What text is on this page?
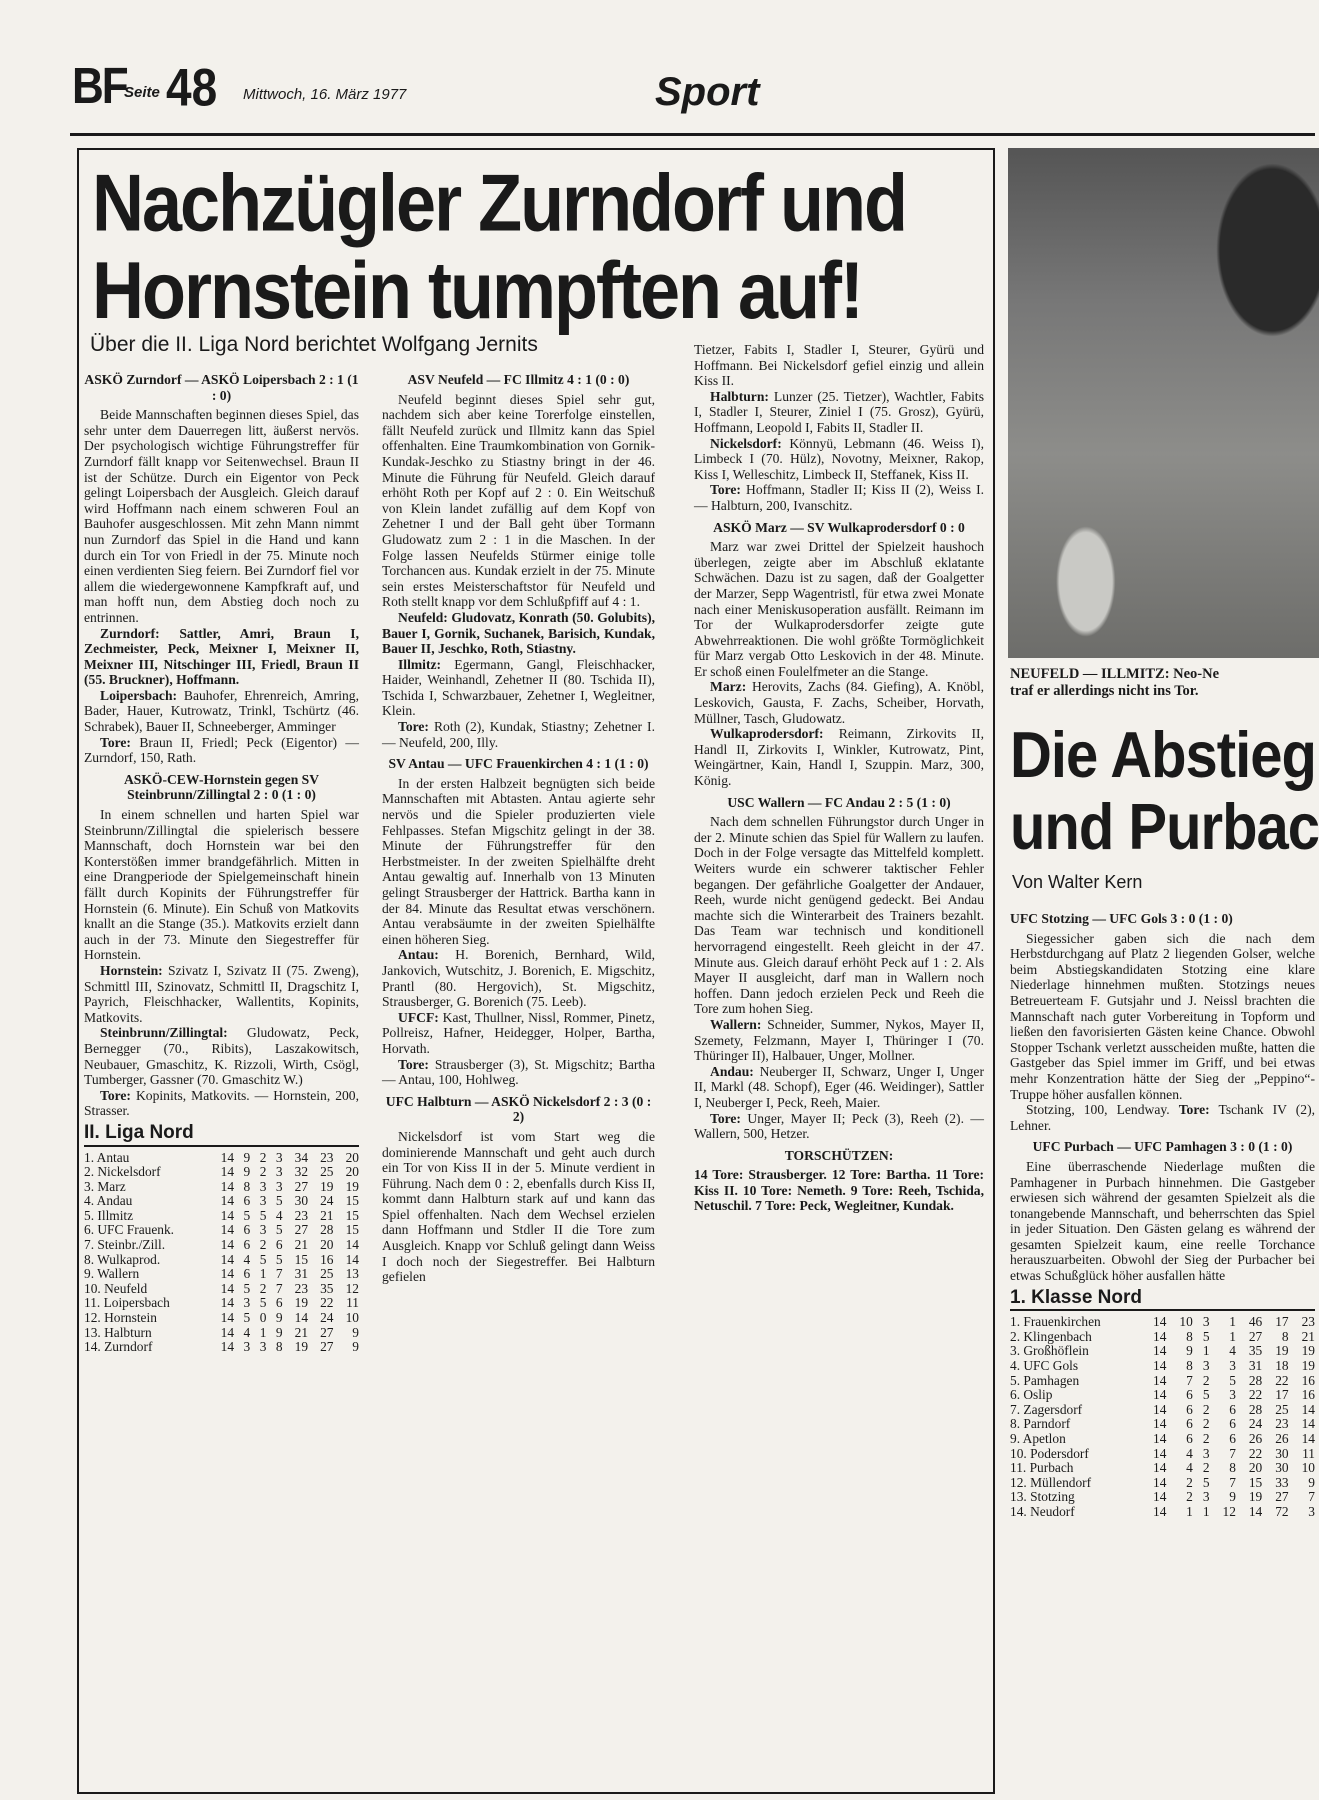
BF
Seite 48 Mittwoch, 16. März 1977	Sport
Nachzügler Zurndorf und
Hornstein tumpften auf!
Über die II. Liga Nord berichtet Wolfgang Jernits
ASKÖ Zurndorf — ASKÖ Loipersbach 2 : 1 (1 : 0)

Beide Mannschaften beginnen dieses Spiel, das sehr unter dem Dauerregen litt, äußerst nervös. Der psychologisch wichtige Führungstreffer für Zurndorf fällt knapp vor Seitenwechsel. Braun II ist der Schütze. Durch ein Eigentor von Peck gelingt Loipersbach der Ausgleich. Gleich darauf wird Hoffmann nach einem schweren Foul an Bauhofer ausgeschlossen. Mit zehn Mann nimmt nun Zurndorf das Spiel in die Hand und kann durch ein Tor von Friedl in der 75. Minute noch einen verdienten Sieg feiern. Bei Zurndorf fiel vor allem die wiedergewonnene Kampfkraft auf, und man hofft nun, dem Abstieg doch noch zu entrinnen.

Zurndorf: Sattler, Amri, Braun I, Zechmeister, Peck, Meixner I, Meixner II, Meixner III, Nitschinger III, Friedl, Braun II (55. Bruckner), Hoffmann.

Loipersbach: Bauhofer, Ehrenreich, Amring, Bader, Hauer, Kutrowatz, Trinkl, Tschürtz (46. Schrabek), Bauer II, Schneeberger, Amminger

Tore: Braun II, Friedl; Peck (Eigentor) — Zurndorf, 150, Rath.

ASKÖ-CEW-Hornstein gegen SV Steinbrunn/Zillingtal 2 : 0 (1 : 0)

In einem schnellen und harten Spiel war Steinbrunn/Zillingtal die spielerisch bessere Mannschaft, doch Hornstein war bei den Konterstößen immer brandgefährlich. Mitten in eine Drangperiode der Spielgemeinschaft hinein fällt durch Kopinits der Führungstreffer für Hornstein (6. Minute). Ein Schuß von Matkovits knallt an die Stange (35.). Matkovits erzielt dann auch in der 73. Minute den Siegestreffer für Hornstein.

Hornstein: Szivatz I, Szivatz II (75. Zweng), Schmittl III, Szinovatz, Schmittl II, Dragschitz I, Payrich, Fleischhacker, Wallentits, Kopinits, Matkovits.

Steinbrunn/Zillingtal: Gludowatz, Peck, Bernegger (70., Ribits), Laszakowitsch, Neubauer, Gmaschitz, K. Rizzoli, Wirth, Csögl, Tumberger, Gassner (70. Gmaschitz W.)

Tore: Kopinits, Matkovits. — Hornstein, 200, Strasser.

II. Liga Nord
1. Antau	14	9	2	3	34	23	20
2. Nickelsdorf	14	9	2	3	32	25	20
3. Marz	14	8	3	3	27	19	19
4. Andau	14	6	3	5	30	24	15
5. Illmitz	14	5	5	4	23	21	15
6. UFC Frauenk.	14	6	3	5	27	28	15
7. Steinbr./Zill.	14	6	2	6	21	20	14
8. Wulkaprod.	14	4	5	5	15	16	14
9. Wallern	14	6	1	7	31	25	13
10. Neufeld	14	5	2	7	23	35	12
11. Loipersbach	14	3	5	6	19	22	11
12. Hornstein	14	5	0	9	14	24	10
13. Halbturn	14	4	1	9	21	27	9
14. Zurndorf	14	3	3	8	19	27	9
ASV Neufeld — FC Illmitz 4 : 1 (0 : 0)

Neufeld beginnt dieses Spiel sehr gut, nachdem sich aber keine Torerfolge einstellen, fällt Neufeld zurück und Illmitz kann das Spiel offenhalten. Eine Traumkombination von Gornik-Kundak-Jeschko zu Stiastny bringt in der 46. Minute die Führung für Neufeld. Gleich darauf erhöht Roth per Kopf auf 2 : 0. Ein Weitschuß von Klein landet zufällig auf dem Kopf von Zehetner I und der Ball geht über Tormann Gludowatz zum 2 : 1 in die Maschen. In der Folge lassen Neufelds Stürmer einige tolle Torchancen aus. Kundak erzielt in der 75. Minute sein erstes Meisterschaftstor für Neufeld und Roth stellt knapp vor dem Schlußpfiff auf 4 : 1.

Neufeld: Gludovatz, Konrath (50. Golubits), Bauer I, Gornik, Suchanek, Barisich, Kundak, Bauer II, Jeschko, Roth, Stiastny.

Illmitz: Egermann, Gangl, Fleischhacker, Haider, Weinhandl, Zehetner II (80. Tschida II), Tschida I, Schwarzbauer, Zehetner I, Wegleitner, Klein.

Tore: Roth (2), Kundak, Stiastny; Zehetner I. — Neufeld, 200, Illy.

SV Antau — UFC Frauenkirchen 4 : 1 (1 : 0)

In der ersten Halbzeit begnügten sich beide Mannschaften mit Abtasten. Antau agierte sehr nervös und die Spieler produzierten viele Fehlpasses. Stefan Migschitz gelingt in der 38. Minute der Führungstreffer für den Herbstmeister. In der zweiten Spielhälfte dreht Antau gewaltig auf. Innerhalb von 13 Minuten gelingt Strausberger der Hattrick. Bartha kann in der 84. Minute das Resultat etwas verschönern. Antau verabsäumte in der zweiten Spielhälfte einen höheren Sieg.

Antau: H. Borenich, Bernhard, Wild, Jankovich, Wutschitz, J. Borenich, E. Migschitz, Prantl (80. Hergovich), St. Migschitz, Strausberger, G. Borenich (75. Leeb).

UFCF: Kast, Thullner, Nissl, Rommer, Pinetz, Pollreisz, Hafner, Heidegger, Holper, Bartha, Horvath.

Tore: Strausberger (3), St. Migschitz; Bartha — Antau, 100, Hohlweg.

UFC Halbturn — ASKÖ Nickelsdorf 2 : 3 (0 : 2)

Nickelsdorf ist vom Start weg die dominierende Mannschaft und geht auch durch ein Tor von Kiss II in der 5. Minute verdient in Führung. Nach dem 0 : 2, ebenfalls durch Kiss II, kommt dann Halbturn stark auf und kann das Spiel offenhalten. Nach dem Wechsel erzielen dann Hoffmann und Stdler II die Tore zum Ausgleich. Knapp vor Schluß gelingt dann Weiss I doch noch der Siegestreffer. Bei Halbturn gefielen

Tietzer, Fabits I, Stadler I, Steurer, Gyürü und Hoffmann. Bei Nickelsdorf gefiel einzig und allein Kiss II.

Halbturn: Lunzer (25. Tietzer), Wachtler, Fabits I, Stadler I, Steurer, Ziniel I (75. Grosz), Gyürü, Hoffmann, Leopold I, Fabits II, Stadler II.

Nickelsdorf: Könnyü, Lebmann (46. Weiss I), Limbeck I (70. Hülz), Novotny, Meixner, Rakop, Kiss I, Welleschitz, Limbeck II, Steffanek, Kiss II.

Tore: Hoffmann, Stadler II; Kiss II (2), Weiss I. — Halbturn, 200, Ivanschitz.

ASKÖ Marz — SV Wulkaprodersdorf 0 : 0

Marz war zwei Drittel der Spielzeit haushoch überlegen, zeigte aber im Abschluß eklatante Schwächen. Dazu ist zu sagen, daß der Goalgetter der Marzer, Sepp Wagentristl, für etwa zwei Monate nach einer Meniskusoperation ausfällt. Reimann im Tor der Wulkaprodersdorfer zeigte gute Abwehrreaktionen. Die wohl größte Tormöglichkeit für Marz vergab Otto Leskovich in der 48. Minute. Er schoß einen Foulelfmeter an die Stange.

Marz: Herovits, Zachs (84. Giefing), A. Knöbl, Leskovich, Gausta, F. Zachs, Scheiber, Horvath, Müllner, Tasch, Gludowatz.

Wulkaprodersdorf: Reimann, Zirkovits II, Handl II, Zirkovits I, Winkler, Kutrowatz, Pint, Weingärtner, Kain, Handl I, Szuppin. Marz, 300, König.

USC Wallern — FC Andau 2 : 5 (1 : 0)

Nach dem schnellen Führungstor durch Unger in der 2. Minute schien das Spiel für Wallern zu laufen. Doch in der Folge versagte das Mittelfeld komplett. Weiters wurde ein schwerer taktischer Fehler begangen. Der gefährliche Goalgetter der Andauer, Reeh, wurde nicht genügend gedeckt. Bei Andau machte sich die Winterarbeit des Trainers bezahlt. Das Team war technisch und konditionell hervorragend eingestellt. Reeh gleicht in der 47. Minute aus. Gleich darauf erhöht Peck auf 1 : 2. Als Mayer II ausgleicht, darf man in Wallern noch hoffen. Dann jedoch erzielen Peck und Reeh die Tore zum hohen Sieg.

Wallern: Schneider, Summer, Nykos, Mayer II, Szemety, Felzmann, Mayer I, Thüringer I (70. Thüringer II), Halbauer, Unger, Mollner.

Andau: Neuberger II, Schwarz, Unger I, Unger II, Markl (48. Schopf), Eger (46. Weidinger), Sattler I, Neuberger I, Peck, Reeh, Maier.

Tore: Unger, Mayer II; Peck (3), Reeh (2). — Wallern, 500, Hetzer.

TORSCHÜTZEN:

14 Tore: Strausberger. 12 Tore: Bartha. 11 Tore: Kiss II. 10 Tore: Nemeth. 9 Tore: Reeh, Tschida, Netuschil. 7 Tore: Peck, Wegleitner, Kundak.

NEUFELD — ILLMITZ: Neo-Ne
traf er allerdings nicht ins Tor.
Die Abstieg
und Purbac
Von Walter Kern
UFC Stotzing — UFC Gols 3 : 0 (1 : 0)

Siegessicher gaben sich die nach dem Herbstdurchgang auf Platz 2 liegenden Golser, welche beim Abstiegskandidaten Stotzing eine klare Niederlage hinnehmen mußten. Stotzings neues Betreuerteam F. Gutsjahr und J. Neissl brachten die Mannschaft nach guter Vorbereitung in Topform und ließen den favorisierten Gästen keine Chance. Obwohl Stopper Tschank verletzt ausscheiden mußte, hatten die Gastgeber das Spiel immer im Griff, und bei etwas mehr Konzentration hätte der Sieg der „Peppino“-Truppe höher ausfallen können.

Stotzing, 100, Lendway. Tore: Tschank IV (2), Lehner.

UFC Purbach — UFC Pamhagen 3 : 0 (1 : 0)

Eine überraschende Niederlage mußten die Pamhagener in Purbach hinnehmen. Die Gastgeber erwiesen sich während der gesamten Spielzeit als die tonangebende Mannschaft, und beherrschten das Spiel in jeder Situation. Den Gästen gelang es während der gesamten Spielzeit kaum, eine reelle Torchance herauszuarbeiten. Obwohl der Sieg der Purbacher bei etwas Schußglück höher ausfallen hätte

1. Klasse Nord
1. Frauenkirchen	14	10	3	1	46	17	23
2. Klingenbach	14	8	5	1	27	8	21
3. Großhöflein	14	9	1	4	35	19	19
4. UFC Gols	14	8	3	3	31	18	19
5. Pamhagen	14	7	2	5	28	22	16
6. Oslip	14	6	5	3	22	17	16
7. Zagersdorf	14	6	2	6	28	25	14
8. Parndorf	14	6	2	6	24	23	14
9. Apetlon	14	6	2	6	26	26	14
10. Podersdorf	14	4	3	7	22	30	11
11. Purbach	14	4	2	8	20	30	10
12. Müllendorf	14	2	5	7	15	33	9
13. Stotzing	14	2	3	9	19	27	7
14. Neudorf	14	1	1	12	14	72	3
